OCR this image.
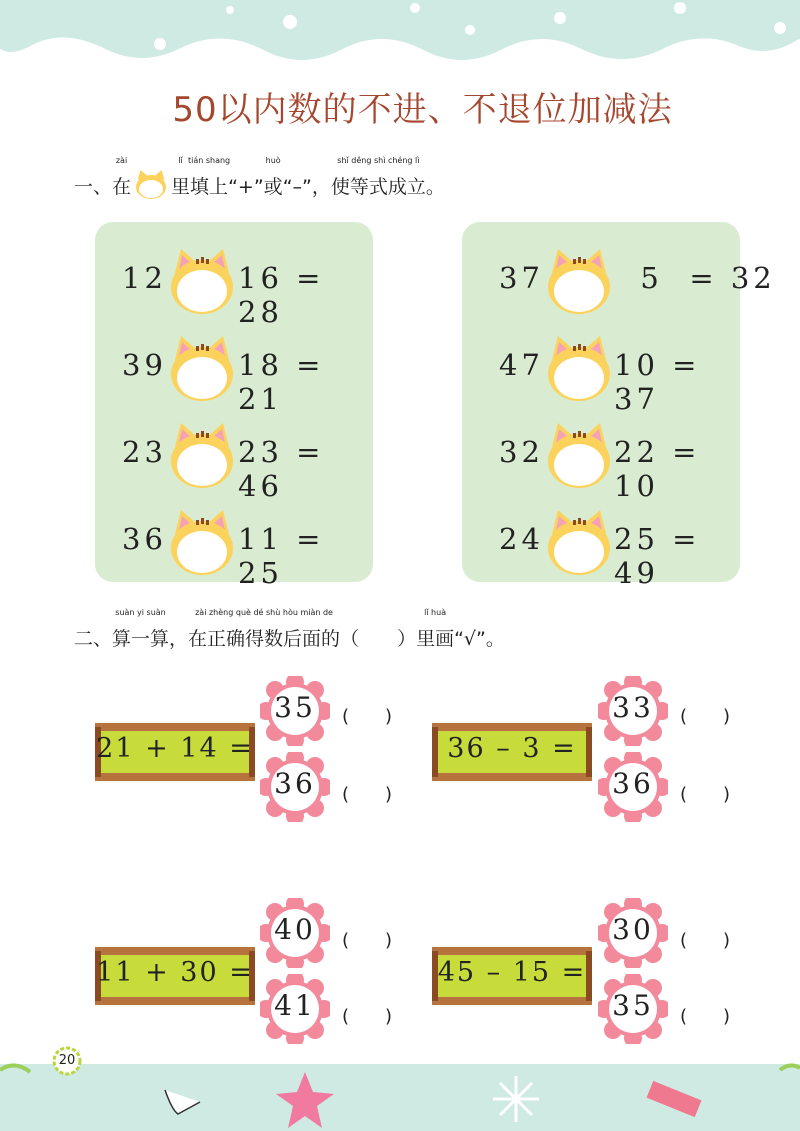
50以内数的不进、不退位加减法
一、
zài
在
lǐ
里
tián shang
填上“+”
huò
或“–”，
shǐ děng shì chéng lì
使等式成立。
12 16 = 28
39 18 = 21
23 23 = 46
36 11 = 25
37 5  = 32
47 10 = 37
32 22 = 10
24 25 = 49
二、
suàn yi suàn
算一算，
zài zhèng què dé shù hòu miàn de
在正确得数后面的（　　）
lǐ huà
里画“√”。
21 + 14 =
35	(　　)
36	(　　)
36 – 3 =
33	(　　)
36	(　　)
11 + 30 =
40	(　　)
41	(　　)
45 – 15 =
30	(　　)
35	(　　)
20
